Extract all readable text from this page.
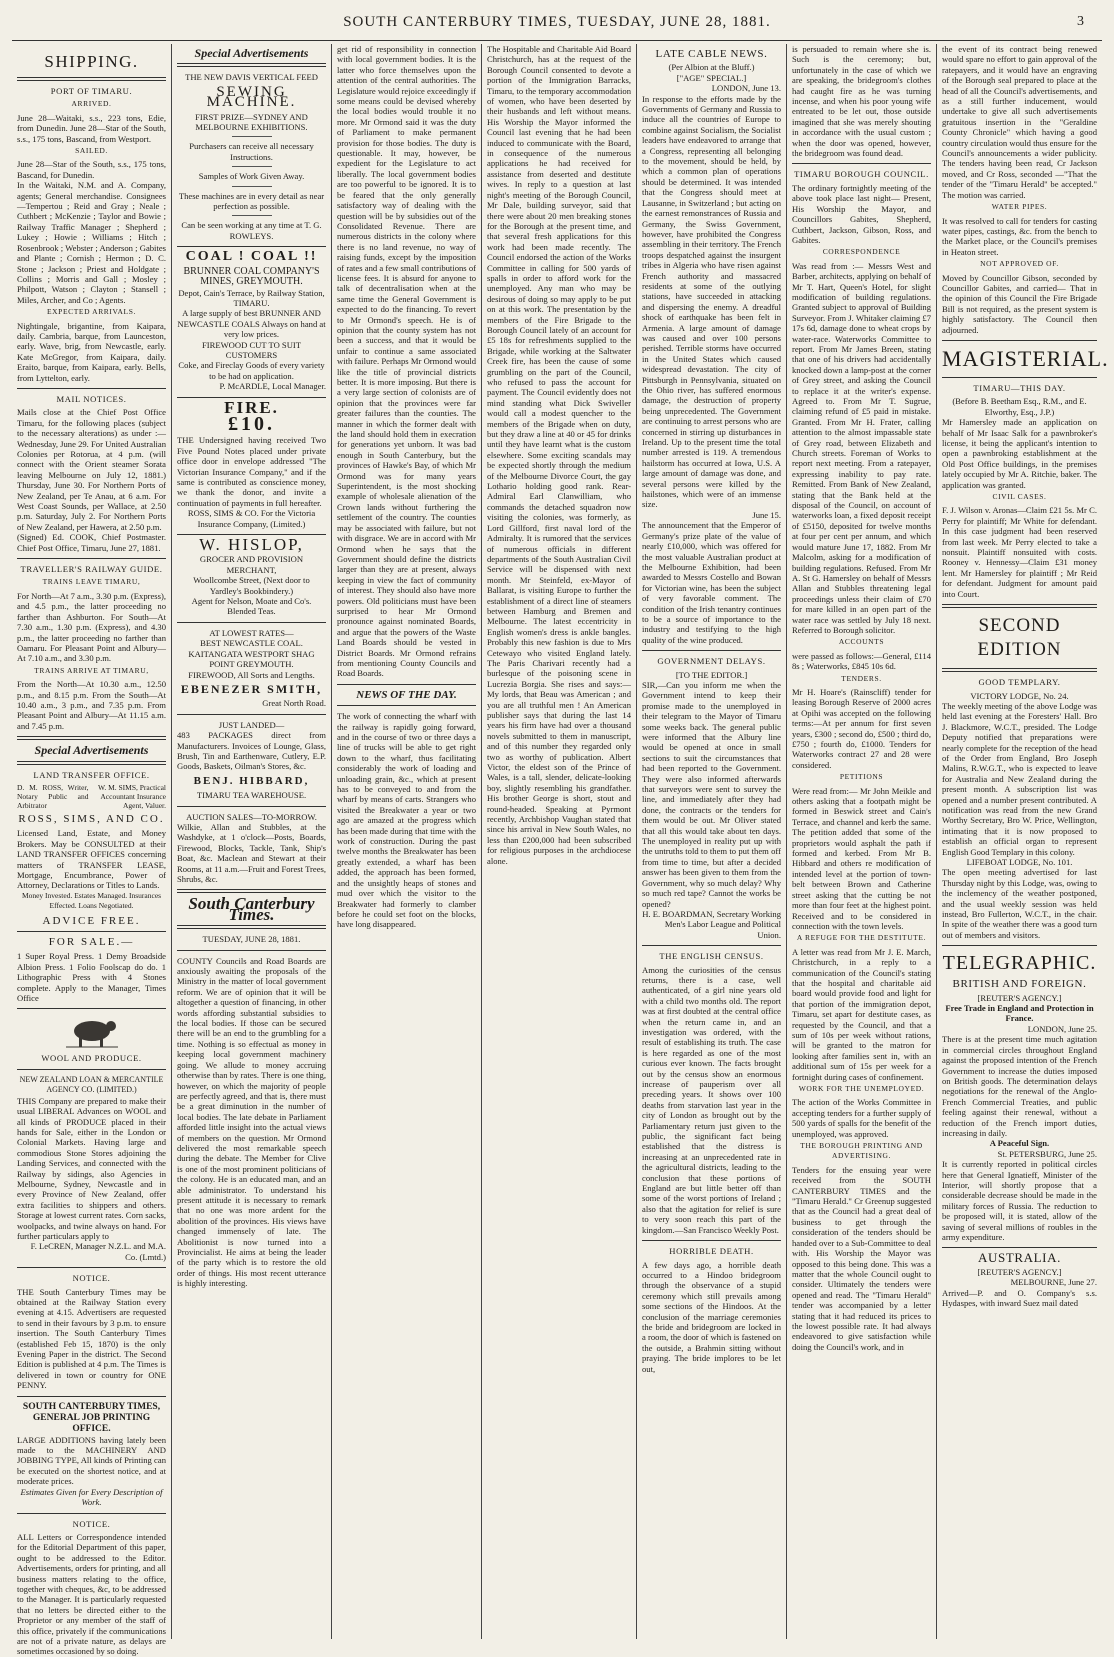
SOUTH CANTERBURY TIMES, TUESDAY, JUNE 28, 1881.	3
SHIPPING.
PORT OF TIMARU.
ARRIVED.
June 28—Waitaki, s.s., 223 tons, Edie, from Dunedin. June 28—Star of the South, s.s., 175 tons, Bascand, from Westport.
SAILED.
June 28—Star of the South, s.s., 175 tons, Bascand, for Dunedin.
In the Waitaki, N.M. and A. Company, agents; General merchandise. Consignees —Tempertou ; Reid and Gray ; Neale ; Cuthbert ; McKenzie ; Taylor and Bowie ; Railway Traffic Manager ; Shepherd ; Lukey ; Howie ; Williams ; Hitch ; Rosenbrook ; Webster ; Anderson ; Gabites and Plante ; Cornish ; Hermon ; D. C. Stone ; Jackson ; Priest and Holdgate ; Collins ; Morris and Gall ; Mosley ; Philpott, Watson ; Clayton ; Stansell ; Miles, Archer, and Co ; Agents.
EXPECTED ARRIVALS.
Nightingale, brigantine, from Kaipara, daily. Cambria, barque, from Launceston, early. Wave, brig, from Newcastle, early. Kate McGregor, from Kaipara, daily. Eraito, barque, from Kaipara, early. Bells, from Lyttelton, early.
MAIL NOTICES.
Mails close at the Chief Post Office Timaru, for the following places (subject to the necessary alterations) as under :— Wednesday, June 29. For United Australian Colonies per Rotorua, at 4 p.m. (will connect with the Orient steamer Sorata leaving Melbourne on July 12, 1881.) Thursday, June 30. For Northern Ports of New Zealand, per Te Anau, at 6 a.m. For West Coast Sounds, per Wallace, at 2.50 p.m. Saturday, July 2. For Northern Ports of New Zealand, per Hawera, at 2.50 p.m.
(Signed) Ed. COOK, Chief Postmaster. Chief Post Office, Timaru, June 27, 1881.
TRAVELLER'S RAILWAY GUIDE.
TRAINS LEAVE TIMARU,
For North—At 7 a.m., 3.30 p.m. (Express), and 4.5 p.m., the latter proceeding no farther than Ashburton. For South—At 7.30 a.m., 1.30 p.m. (Express), and 4.30 p.m., the latter proceeding no farther than Oamaru. For Pleasant Point and Albury—At 7.10 a.m., and 3.30 p.m.
TRAINS ARRIVE AT TIMARU,
From the North—At 10.30 a.m., 12.50 p.m., and 8.15 p.m. From the South—At 10.40 a.m., 3 p.m., and 7.35 p.m. From Pleasant Point and Albury—At 11.15 a.m. and 7.45 p.m.
Special Advertisements
LAND TRANSFER OFFICE.
D. M. ROSS, Writer, Notary Public and Arbitrator
W. M. SIMS, Practical Accountant Insurance Agent, Valuer.
ROSS, SIMS, AND CO.
Licensed Land, Estate, and Money Brokers. May be CONSULTED at their LAND TRANSFER OFFICES concerning matters of TRANSFER LEASE, Mortgage, Encumbrance, Power of Attorney, Declarations or Titles to Lands.
Money Invested. Estates Managed. Insurances Effected. Loans Negotiated.
ADVICE FREE.
FOR SALE.—
1 Super Royal Press. 1 Demy Broadside Albion Press. 1 Folio Foolscap do do. 1 Lithographic Press with 4 Stones complete. Apply to the Manager, Times Office
WOOL AND PRODUCE.
NEW ZEALAND LOAN & MERCANTILE AGENCY CO. (LIMITED.)
THIS Company are prepared to make their usual LIBERAL Advances on WOOL and all kinds of PRODUCE placed in their hands for Sale, either in the London or Colonial Markets. Having large and commodious Stone Stores adjoining the Landing Services, and connected with the Railway by sidings, also Agencies in Melbourne, Sydney, Newcastle and in every Province of New Zealand, offer extra facilities to shippers and others. Storage at lowest current rates. Corn sacks, woolpacks, and twine always on hand. For further particulars apply to
F. LeCREN, Manager N.Z.L. and M.A. Co. (Lmtd.)
NOTICE.
THE South Canterbury Times may be obtained at the Railway Station every evening at 4.15. Advertisers are requested to send in their favours by 3 p.m. to ensure insertion. The South Canterbury Times (established Feb 15, 1870) is the only Evening Paper in the district. The Second Edition is published at 4 p.m. The Times is delivered in town or country for ONE PENNY.
SOUTH CANTERBURY TIMES, GENERAL JOB PRINTING OFFICE.
LARGE ADDITIONS having lately been made to the MACHINERY AND JOBBING TYPE, All kinds of Printing can be executed on the shortest notice, and at moderate prices.
Estimates Given for Every Description of Work.
NOTICE.
ALL Letters or Correspondence intended for the Editorial Department of this paper, ought to be addressed to the Editor. Advertisements, orders for printing, and all business matters relating to the office, together with cheques, &c, to be addressed to the Manager. It is particularly requested that no letters be directed either to the Proprietor or any member of the staff of this office, privately if the communications are not of a private nature, as delays are sometimes occasioned by so doing.
Special Advertisements
THE NEW DAVIS VERTICAL FEED
SEWING MACHINE.
FIRST PRIZE—SYDNEY AND MELBOURNE EXHIBITIONS.
Purchasers can receive all necessary Instructions.
Samples of Work Given Away.
These machines are in every detail as near perfection as possible.
Can be seen working at any time at T. G. ROWLEYS.
COAL ! COAL !!
BRUNNER COAL COMPANY'S MINES, GREYMOUTH.
Depot, Cain's Terrace, by Railway Station, TIMARU.
A large supply of best BRUNNER AND NEWCASTLE COALS Always on hand at very low prices.
FIREWOOD CUT TO SUIT CUSTOMERS
Coke, and Fireclay Goods of every variety to be had on application.
P. McARDLE, Local Manager.
FIRE.
£10.
THE Undersigned having received Two Five Pound Notes placed under private office door in envelope addressed "The Victorian Insurance Company," and if the same is contributed as conscience money, we thank the donor, and invite a continuation of payments in full hereafter.
ROSS, SIMS & CO. For the Victoria Insurance Company, (Limited.)
W. HISLOP,
GROCER AND PROVISION MERCHANT,
Woollcombe Street, (Next door to Yardley's Bookbindery.)
Agent for Nelson, Moate and Co's. Blended Teas.
AT LOWEST RATES—
BEST NEWCASTLE COAL. KAITANGATA WESTPORT SHAG POINT GREYMOUTH.
FIREWOOD, All Sorts and Lengths.
EBENEZER SMITH,
Great North Road.
JUST LANDED—
483 PACKAGES direct from Manufacturers. Invoices of Lounge, Glass, Brush, Tin and Earthenware, Cutlery, E.P. Goods, Baskets, Oilman's Stores, &c.
BENJ. HIBBARD,
TIMARU TEA WAREHOUSE.
AUCTION SALES—TO-MORROW.
Wilkie, Allan and Stubbles, at the Washdyke, at 1 o'clock—Posts, Boards, Firewood, Blocks, Tackle, Tank, Ship's Boat, &c. Maclean and Stewart at their Rooms, at 11 a.m.—Fruit and Forest Trees, Shrubs, &c.
South Canterbury Times.
TUESDAY, JUNE 28, 1881.
COUNTY Councils and Road Boards are anxiously awaiting the proposals of the Ministry in the matter of local government reform. We are of opinion that it will be altogether a question of financing, in other words affording substantial subsidies to the local bodies. If those can be secured there will be an end to the grumbling for a time. Nothing is so effectual as money in keeping local government machinery going. We allude to money accruing otherwise than by rates. There is one thing, however, on which the majority of people are perfectly agreed, and that is, there must be a great diminution in the number of local bodies. The late debate in Parliament afforded little insight into the actual views of members on the question. Mr Ormond delivered the most remarkable speech during the debate. The Member for Clive is one of the most prominent politicians of the colony. He is an educated man, and an able administrator. To understand his present attitude it is necessary to remark that no one was more ardent for the abolition of the provinces. His views have changed immensely of late. The Abolitionist is now turned into a Provincialist. He aims at being the leader of the party which is to restore the old order of things. His most recent utterance is highly interesting.
get rid of responsibility in connection with local government bodies. It is the latter who force themselves upon the attention of the central authorities. The Legislature would rejoice exceedingly if some means could be devised whereby the local bodies would trouble it no more. Mr Ormond said it was the duty of Parliament to make permanent provision for those bodies. The duty is questionable. It may, however, be expedient for the Legislature to act liberally. The local government bodies are too powerful to be ignored. It is to be feared that the only generally satisfactory way of dealing with the question will be by subsidies out of the Consolidated Revenue. There are numerous districts in the colony where there is no land revenue, no way of raising funds, except by the imposition of rates and a few small contributions of license fees. It is absurd for anyone to talk of decentralisation when at the same time the General Government is expected to do the financing. To revert to Mr Ormond's speech. He is of opinion that the county system has not been a success, and that it would be unfair to continue a same associated with failure. Perhaps Mr Ormond would like the title of provincial districts better. It is more imposing. But there is a very large section of colonists are of opinion that the provinces were far greater failures than the counties. The manner in which the former dealt with the land should hold them in execration for generations yet unborn. It was bad enough in South Canterbury, but the provinces of Hawke's Bay, of which Mr Ormond was for many years Superintendent, is the most shocking example of wholesale alienation of the Crown lands without furthering the settlement of the country. The counties may be associated with failure, but not with disgrace. We are in accord with Mr Ormond when he says that the Government should define the districts larger than they are at present, always keeping in view the fact of community of interest. They should also have more powers. Old politicians must have been surprised to hear Mr Ormond pronounce against nominated Boards, and argue that the powers of the Waste Land Boards should be vested in District Boards. Mr Ormond refrains from mentioning County Councils and Road Boards.
NEWS OF THE DAY.
The work of connecting the wharf with the railway is rapidly going forward, and in the course of two or three days a line of trucks will be able to get right down to the wharf, thus facilitating considerably the work of loading and unloading grain, &c., which at present has to be conveyed to and from the wharf by means of carts. Strangers who visited the Breakwater a year or two ago are amazed at the progress which has been made during that time with the work of construction. During the past twelve months the Breakwater has been greatly extended, a wharf has been added, the approach has been formed, and the unsightly heaps of stones and mud over which the visitor to the Breakwater had formerly to clamber before he could set foot on the blocks, have long disappeared.
The Hospitable and Charitable Aid Board Christchurch, has at the request of the Borough Council consented to devote a portion of the Immigration Barracks, Timaru, to the temporary accommodation of women, who have been deserted by their husbands and left without means. His Worship the Mayor informed the Council last evening that he had been induced to communicate with the Board, in consequence of the numerous applications he had received for assistance from deserted and destitute wives. In reply to a question at last night's meeting of the Borough Council, Mr Dale, building surveyor, said that there were about 20 men breaking stones for the Borough at the present time, and that several fresh applications for this work had been made recently. The Council endorsed the action of the Works Committee in calling for 500 yards of spalls in order to afford work for the unemployed. Any man who may be desirous of doing so may apply to be put on at this work. The presentation by the members of the Fire Brigade to the Borough Council lately of an account for £5 18s for refreshments supplied to the Brigade, while working at the Saltwater Creek fire, has been the cause of some grumbling on the part of the Council, who refused to pass the account for payment. The Council evidently does not mind standing what Dick Swiveller would call a modest quencher to the members of the Brigade when on duty, but they draw a line at 40 or 45 for drinks until they have learnt what is the custom elsewhere. Some exciting scandals may be expected shortly through the medium of the Melbourne Divorce Court, the gay Lothario holding good rank. Rear-Admiral Earl Clanwilliam, who commands the detached squadron now visiting the colonies, was formerly, as Lord Gillford, first naval lord of the Admiralty. It is rumored that the services of numerous officials in different departments of the South Australian Civil Service will be dispensed with next month. Mr Steinfeld, ex-Mayor of Ballarat, is visiting Europe to further the establishment of a direct line of steamers between Hamburg and Bremen and Melbourne. The latest eccentricity in English women's dress is ankle bangles. Probably this new fashion is due to Mrs Cetewayo who visited England lately. The Paris Charivari recently had a burlesque of the poisoning scene in Lucrezia Borgia. She rises and says:—My lords, that Beau was American ; and you are all truthful men ! An American publisher says that during the last 14 years his firm have had over a thousand novels submitted to them in manuscript, and of this number they regarded only two as worthy of publication. Albert Victor, the eldest son of the Prince of Wales, is a tall, slender, delicate-looking boy, slightly resembling his grandfather. His brother George is short, stout and round-headed. Speaking at Pyrmont recently, Archbishop Vaughan stated that since his arrival in New South Wales, no less than £200,000 had been subscribed for religious purposes in the archdiocese alone.
LATE CABLE NEWS.
(Per Albion at the Bluff.)
["AGE" SPECIAL.]
LONDON, June 13.
In response to the efforts made by the Governments of Germany and Russia to induce all the countries of Europe to combine against Socialism, the Socialist leaders have endeavored to arrange that a Congress, representing all belonging to the movement, should be held, by which a common plan of operations should be determined. It was intended that the Congress should meet at Lausanne, in Switzerland ; but acting on the earnest remonstrances of Russia and Germany, the Swiss Government, however, have prohibited the Congress assembling in their territory. The French troops despatched against the insurgent tribes in Algeria who have risen against French authority and massacred residents at some of the outlying stations, have succeeded in attacking and dispersing the enemy. A dreadful shock of earthquake has been felt in Armenia. A large amount of damage was caused and over 100 persons perished. Terrible storms have occurred in the United States which caused widespread devastation. The city of Pittsburgh in Pennsylvania, situated on the Ohio river, has suffered enormous damage, the destruction of property being unprecedented. The Government are continuing to arrest persons who are concerned in stirring up disturbances in Ireland. Up to the present time the total number arrested is 119. A tremendous hailstorm has occurred at Iowa, U.S. A large amount of damage was done, and several persons were killed by the hailstones, which were of an immense size.
June 15.
The announcement that the Emperor of Germany's prize plate of the value of nearly £10,000, which was offered for the most valuable Australian product at the Melbourne Exhibition, had been awarded to Messrs Costello and Bowan for Victorian wine, has been the subject of very favorable comment. The condition of the Irish tenantry continues to be a source of importance to the industry and testifying to the high quality of the wine produced.
GOVERNMENT DELAYS.
[TO THE EDITOR.]
SIR,—Can you inform me when the Government intend to keep their promise made to the unemployed in their telegram to the Mayor of Timaru some weeks back. The general public were informed that the Albury line would be opened at once in small sections to suit the circumstances that had been reported to the Government. They were also informed afterwards that surveyors were sent to survey the line, and immediately after they had done, the contracts or the tenders for them would be out. Mr Oliver stated that all this would take about ten days. The unemployed in reality put up with the untruths told to them to put them off from time to time, but after a decided answer has been given to them from the Government, why so much delay? Why so much red tape? Cannot the works be opened?
H. E. BOARDMAN, Secretary Working Men's Labor League and Political Union.
THE ENGLISH CENSUS.
Among the curiosities of the census returns, there is a case, well authenticated, of a girl nine years old with a child two months old. The report was at first doubted at the central office when the return came in, and an investigation was ordered, with the result of establishing its truth. The case is here regarded as one of the most curious ever known. The facts brought out by the census show an enormous increase of pauperism over all preceding years. It shows over 100 deaths from starvation last year in the city of London as brought out by the Parliamentary return just given to the public, the significant fact being established that the distress is increasing at an unprecedented rate in the agricultural districts, leading to the conclusion that these portions of England are but little better off than some of the worst portions of Ireland ; also that the agitation for relief is sure to very soon reach this part of the kingdom.—San Francisco Weekly Post.
HORRIBLE DEATH.
A few days ago, a horrible death occurred to a Hindoo bridegroom through the observance of a stupid ceremony which still prevails among some sections of the Hindoos. At the conclusion of the marriage ceremonies the bride and bridegroom are locked in a room, the door of which is fastened on the outside, a Brahmin sitting without praying. The bride implores to be let out,
is persuaded to remain where she is. Such is the ceremony; but, unfortunately in the case of which we are speaking, the bridegroom's clothes had caught fire as he was turning incense, and when his poor young wife entreated to be let out, those outside imagined that she was merely shouting in accordance with the usual custom ; when the door was opened, however, the bridegroom was found dead.
TIMARU BOROUGH COUNCIL.
The ordinary fortnightly meeting of the above took place last night— Present, His Worship the Mayor, and Councillors Gabites, Shepherd, Cuthbert, Jackson, Gibson, Ross, and Gabites.
CORRESPONDENCE
Was read from :— Messrs West and Barber, architects, applying on behalf of Mr T. Hart, Queen's Hotel, for slight modification of building regulations. Granted subject to approval of Building Surveyor. From J. Whitaker claiming £7 17s 6d, damage done to wheat crops by water-race. Waterworks Committee to report. From Mr James Breen, stating that one of his drivers had accidentally knocked down a lamp-post at the corner of Grey street, and asking the Council to replace it at the writer's expense. Agreed to. From Mr T. Sugrue, claiming refund of £5 paid in mistake. Granted. From Mr H. Frater, calling attention to the almost impassable state of Grey road, between Elizabeth and Church streets. Foreman of Works to report next meeting. From a ratepayer, expressing inability to pay rate. Remitted. From Bank of New Zealand, stating that the Bank held at the disposal of the Council, on account of waterworks loan, a fixed deposit receipt of £5150, deposited for twelve months at four per cent per annum, and which would mature June 17, 1882. From Mr Malcolm, asking for a modification of building regulations. Refused. From Mr A. St G. Hamersley on behalf of Messrs Allan and Stubbles threatening legal proceedings unless their claim of £70 for mare killed in an open part of the water race was settled by July 18 next. Referred to Borough solicitor.
ACCOUNTS
were passed as follows:—General, £114 8s ; Waterworks, £845 10s 6d.
TENDERS.
Mr H. Hoare's (Rainscliff) tender for leasing Borough Reserve of 2000 acres at Opihi was accepted on the following terms:—At per annum for first seven years, £300 ; second do, £500 ; third do, £750 ; fourth do, £1000. Tenders for Waterworks contract 27 and 28 were considered.
PETITIONS
Were read from:— Mr John Meikle and others asking that a footpath might be formed in Beswick street and Cain's Terrace, and channel and kerb the same. The petition added that some of the proprietors would asphalt the path if formed and kerbed. From Mr B. Hibbard and others re modification of intended level at the portion of town-belt between Brown and Catherine street asking that the cutting be not more than four feet at the highest point. Received and to be considered in connection with the town levels.
A REFUGE FOR THE DESTITUTE.
A letter was read from Mr J. E. March, Christchurch, in a reply to a communication of the Council's stating that the hospital and charitable aid board would provide food and light for that portion of the immigration depot, Timaru, set apart for destitute cases, as requested by the Council, and that a sum of 10s per week without rations, will be granted to the matron for looking after families sent in, with an additional sum of 15s per week for a fortnight during cases of confinement.
WORK FOR THE UNEMPLOYED.
The action of the Works Committee in accepting tenders for a further supply of 500 yards of spalls for the benefit of the unemployed, was approved.
THE BOROUGH PRINTING AND ADVERTISING.
Tenders for the ensuing year were received from the SOUTH CANTERBURY TIMES and the "Timaru Herald." Cr Greenup suggested that as the Council had a great deal of business to get through the consideration of the tenders should be handed over to a Sub-Committee to deal with. His Worship the Mayor was opposed to this being done. This was a matter that the whole Council ought to consider. Ultimately the tenders were opened and read. The "Timaru Herald" tender was accompanied by a letter stating that it had reduced its prices to the lowest possible rate. It had always endeavored to give satisfaction while doing the Council's work, and in
the event of its contract being renewed would spare no effort to gain approval of the ratepayers, and it would have an engraving of the Borough seal prepared to place at the head of all the Council's advertisements, and as a still further inducement, would undertake to give all such advertisements gratuitous insertion in the "Geraldine County Chronicle" which having a good country circulation would thus ensure for the Council's announcements a wider publicity. The tenders having been read, Cr Jackson moved, and Cr Ross, seconded —"That the tender of the "Timaru Herald" be accepted." The motion was carried.
WATER PIPES.
It was resolved to call for tenders for casting water pipes, castings, &c. from the bench to the Market place, or the Council's premises in Heaton street.
NOT APPROVED OF.
Moved by Councillor Gibson, seconded by Councillor Gabites, and carried— That in the opinion of this Council the Fire Brigade Bill is not required, as the present system is highly satisfactory. The Council then adjourned.
MAGISTERIAL.
TIMARU—THIS DAY.
(Before B. Beetham Esq., R.M., and E. Elworthy, Esq., J.P.)
Mr Hamersley made an application on behalf of Mr Isaac Salk for a pawnbroker's license, it being the applicant's intention to open a pawnbroking establishment at the Old Post Office buildings, in the premises lately occupied by Mr A. Ritchie, baker. The application was granted.
CIVIL CASES.
F. J. Wilson v. Aronas—Claim £21 5s. Mr C. Perry for plaintiff; Mr White for defendant. In this case judgment had been reserved from last week. Mr Perry elected to take a nonsuit. Plaintiff nonsuited with costs. Rooney v. Hennessy—Claim £31 money lent. Mr Hamersley for plaintiff ; Mr Reid for defendant. Judgment for amount paid into Court.
SECOND EDITION
GOOD TEMPLARY.
VICTORY LODGE, No. 24.
The weekly meeting of the above Lodge was held last evening at the Foresters' Hall. Bro J. Blackmore, W.C.T., presided. The Lodge Deputy notified that preparations were nearly complete for the reception of the head of the Order from England, Bro Joseph Malins, R.W.G.T., who is expected to leave for Australia and New Zealand during the present month. A subscription list was opened and a number present contributed. A notification was read from the new Grand Worthy Secretary, Bro W. Price, Wellington, intimating that it is now proposed to establish an official organ to represent English Good Templary in this colony.
LIFEBOAT LODGE, No. 101.
The open meeting advertised for last Thursday night by this Lodge, was, owing to the inclemency of the weather postponed, and the usual weekly session was held instead, Bro Fullerton, W.C.T., in the chair. In spite of the weather there was a good turn out of members and visitors.
TELEGRAPHIC.
BRITISH AND FOREIGN.
[REUTER'S AGENCY.]
Free Trade in England and Protection in France.
LONDON, June 25.
There is at the present time much agitation in commercial circles throughout England against the proposed intention of the French Government to increase the duties imposed on British goods. The determination delays negotiations for the renewal of the Anglo-French Commercial Treaties, and public feeling against their renewal, without a reduction of the French import duties, increasing in daily.
A Peaceful Sign.
St. PETERSBURG, June 25.
It is currently reported in political circles here that General Ignatieff, Minister of the Interior, will shortly propose that a considerable decrease should be made in the military forces of Russia. The reduction to be proposed will, it is stated, allow of the saving of several millions of roubles in the army expenditure.
AUSTRALIA.
[REUTER'S AGENCY.]
MELBOURNE, June 27.
Arrived—P. and O. Company's s.s. Hydaspes, with inward Suez mail dated
